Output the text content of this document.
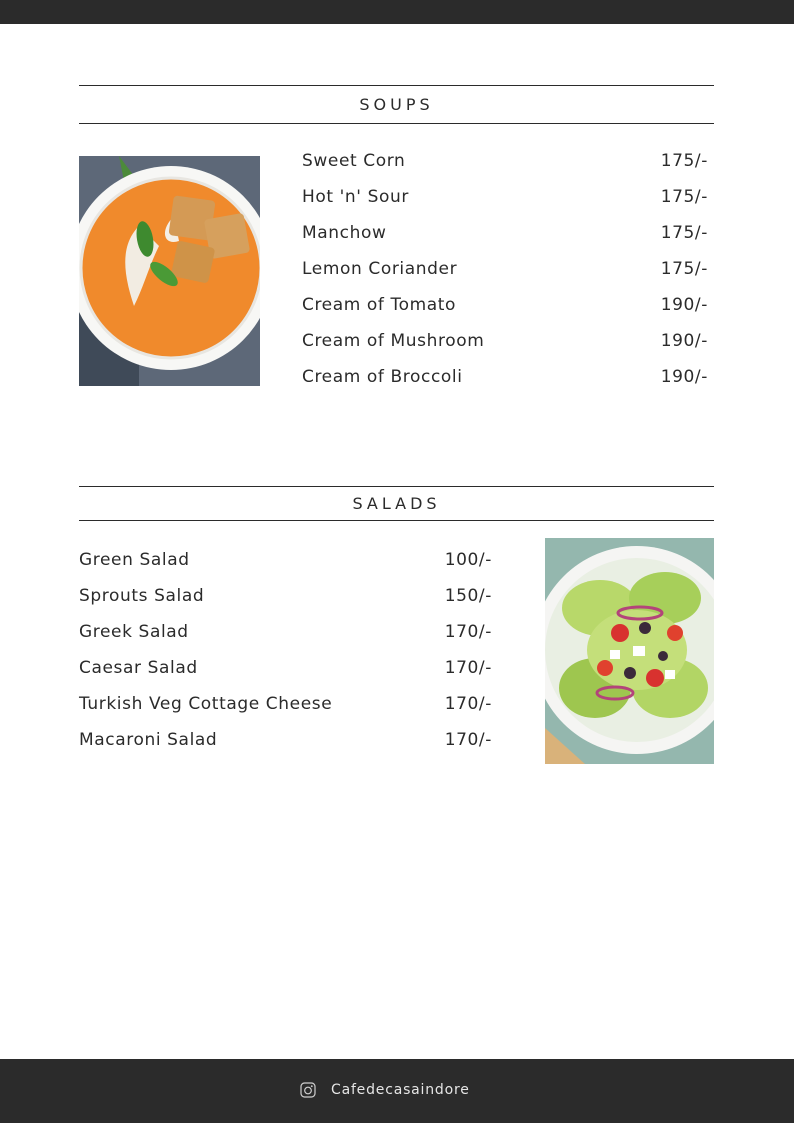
SOUPS
Sweet Corn	175/-
Hot 'n' Sour	175/-
Manchow	175/-
Lemon Coriander	175/-
Cream of Tomato	190/-
Cream of Mushroom	190/-
Cream of Broccoli	190/-
SALADS
Green Salad	100/-
Sprouts Salad	150/-
Greek Salad	170/-
Caesar Salad	170/-
Turkish Veg Cottage Cheese	170/-
Macaroni Salad	170/-
Cafedecasaindore
